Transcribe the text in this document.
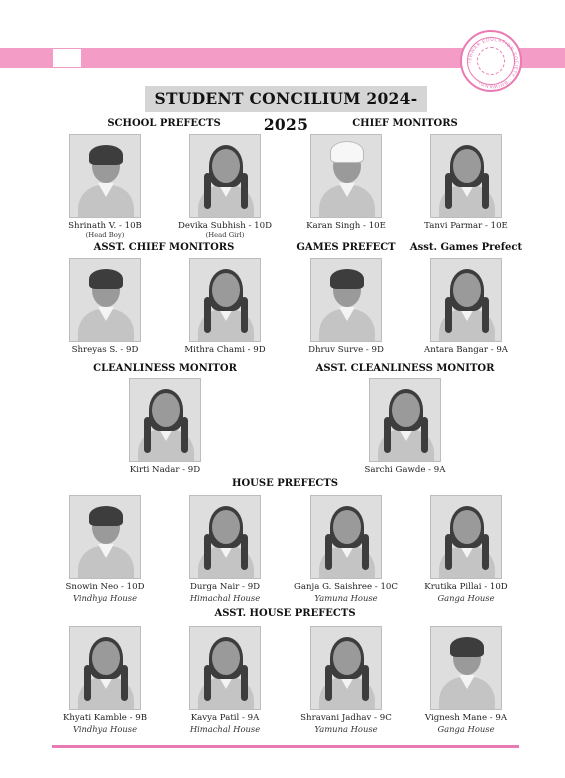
ISHWAR EDUCATION SOCIETY · BHIWANDI
STUDENT CONCILIUM 2024-2025
SCHOOL PREFECTS	CHIEF MONITORS
Shrinath V. - 10B
(Head Boy)
Devika Subhish - 10D
(Head Girl)
Karan Singh - 10E	Tanvi Parmar - 10E
ASST. CHIEF MONITORS	GAMES PREFECT Asst. Games Prefect
Shreyas S. - 9D	Mithra Chami - 9D	Dhruv Surve - 9D	Antara Bangar - 9A
CLEANLINESS MONITOR	ASST. CLEANLINESS MONITOR
Kirti Nadar - 9D	Sarchi Gawde - 9A
HOUSE PREFECTS
Snowin Neo - 10D
Vindhya House
Durga Nair - 9D
Himachal House
Ganja G. Saishree - 10C
Yamuna House
Krutika Pillai - 10D
Ganga House
ASST. HOUSE PREFECTS
Khyati Kamble - 9B
Vindhya House
Kavya Patil - 9A
Himachal House
Shravani Jadhav - 9C
Yamuna House
Vignesh Mane - 9A
Ganga House
